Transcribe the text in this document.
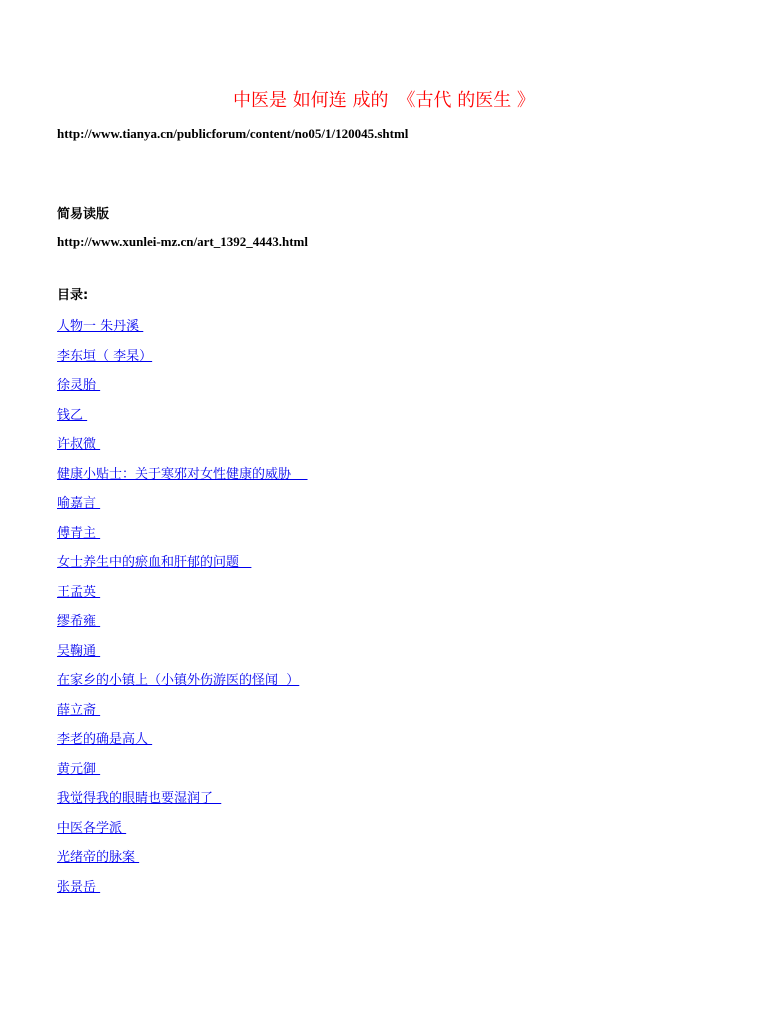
中医是 如何连 成的　《古代 的医生 》
http://www.tianya.cn/publicforum/content/no05/1/120045.shtml
简易读版
http://www.xunlei-mz.cn/art_1392_4443.html
目录:
人物一 朱丹溪
李东垣（ 李杲）
徐灵胎
钱乙
许叔微
健康小贴士：关于寒邪对女性健康的威胁
喻嘉言
傅青主
女士养生中的瘀血和肝郁的问题
王孟英
缪希雍
吴鞠通
在家乡的小镇上（小镇外伤游医的怪闻  ）
薛立斋
李老的确是高人
黄元御
我觉得我的眼睛也要湿润了
中医各学派
光绪帝的脉案
张景岳
